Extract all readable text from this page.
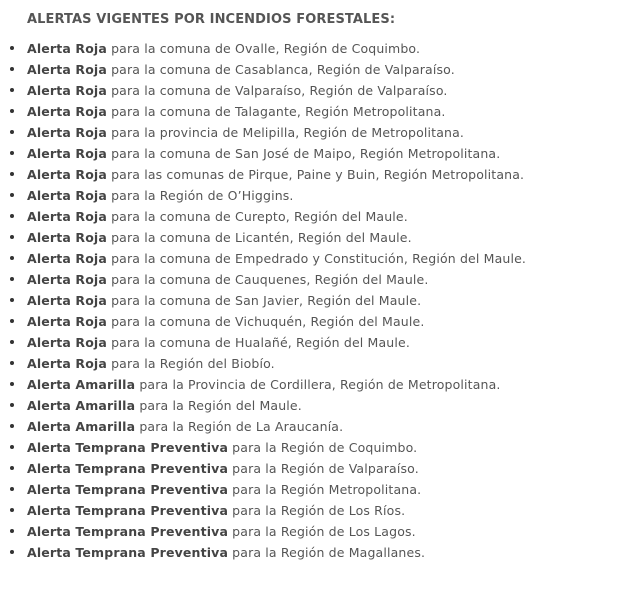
ALERTAS VIGENTES POR INCENDIOS FORESTALES:
Alerta Roja para la comuna de Ovalle, Región de Coquimbo.
Alerta Roja para la comuna de Casablanca, Región de Valparaíso.
Alerta Roja para la comuna de Valparaíso, Región de Valparaíso.
Alerta Roja para la comuna de Talagante, Región Metropolitana.
Alerta Roja para la provincia de Melipilla, Región de Metropolitana.
Alerta Roja para la comuna de San José de Maipo, Región Metropolitana.
Alerta Roja para las comunas de Pirque, Paine y Buin, Región Metropolitana.
Alerta Roja para la Región de O’Higgins.
Alerta Roja para la comuna de Curepto, Región del Maule.
Alerta Roja para la comuna de Licantén, Región del Maule.
Alerta Roja para la comuna de Empedrado y Constitución, Región del Maule.
Alerta Roja para la comuna de Cauquenes, Región del Maule.
Alerta Roja para la comuna de San Javier, Región del Maule.
Alerta Roja para la comuna de Vichuquén, Región del Maule.
Alerta Roja para la comuna de Hualañé, Región del Maule.
Alerta Roja para la Región del Biobío.
Alerta Amarilla para la Provincia de Cordillera, Región de Metropolitana.
Alerta Amarilla para la Región del Maule.
Alerta Amarilla para la Región de La Araucanía.
Alerta Temprana Preventiva para la Región de Coquimbo.
Alerta Temprana Preventiva para la Región de Valparaíso.
Alerta Temprana Preventiva para la Región Metropolitana.
Alerta Temprana Preventiva para la Región de Los Ríos.
Alerta Temprana Preventiva para la Región de Los Lagos.
Alerta Temprana Preventiva para la Región de Magallanes.
